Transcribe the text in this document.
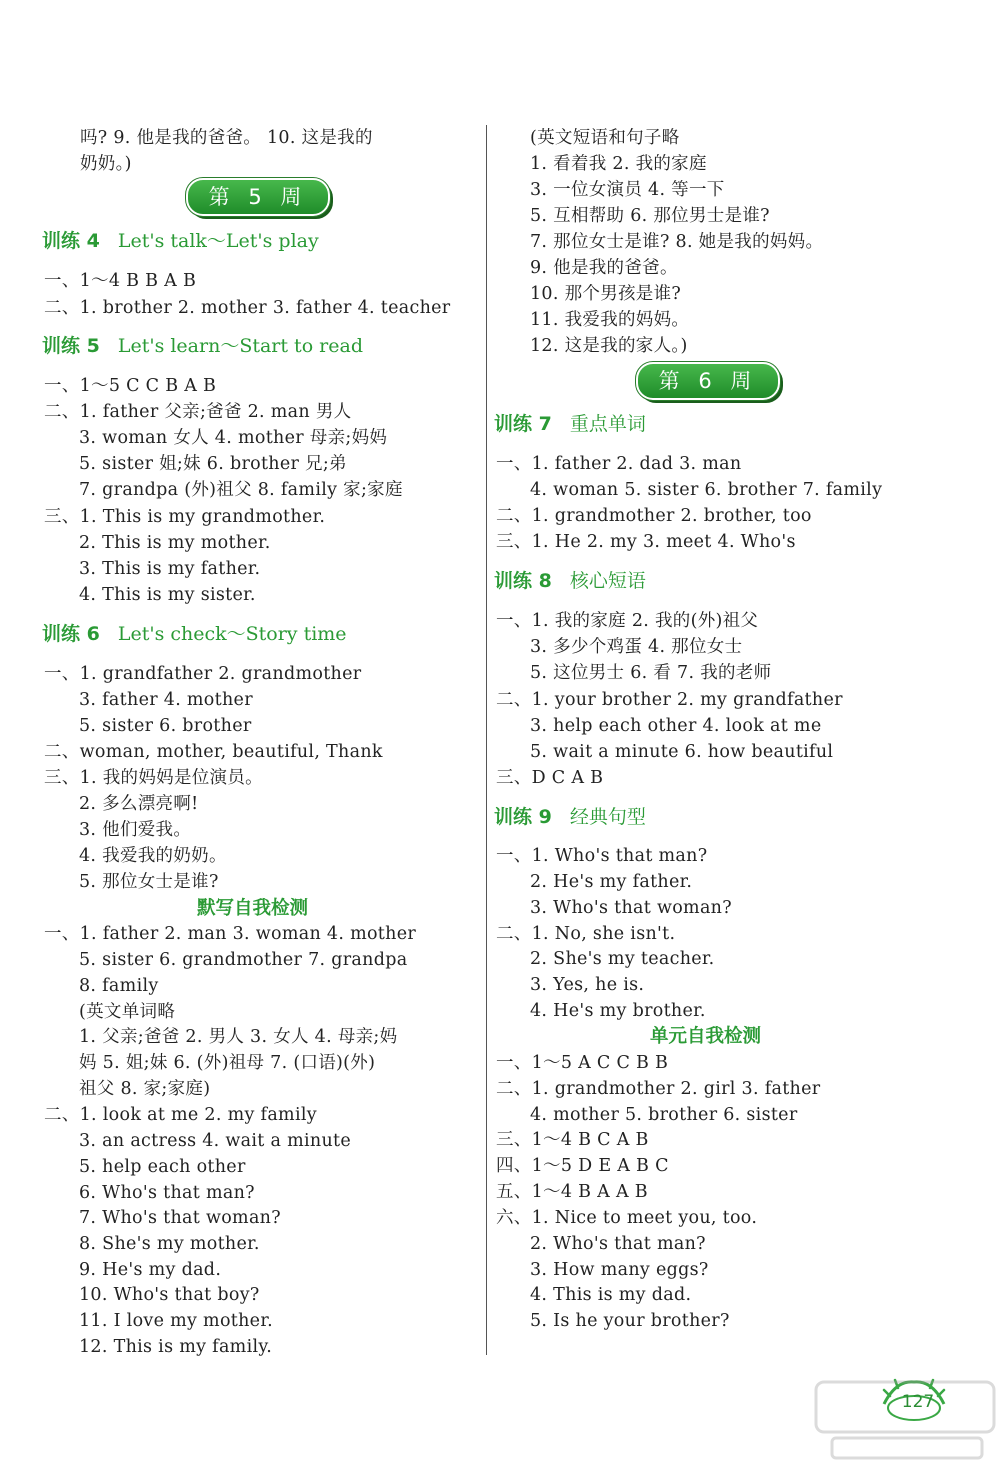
吗? 9. 他是我的爸爸。 10. 这是我的
奶奶。)
一、1～4 B B A B
二、1. brother 2. mother 3. father 4. teacher
一、1～5 C C B A B
二、1. father 父亲;爸爸 2. man 男人
3. woman 女人 4. mother 母亲;妈妈
5. sister 姐;妹 6. brother 兄;弟
7. grandpa (外)祖父 8. family 家;家庭
三、1. This is my grandmother.
2. This is my mother.
3. This is my father.
4. This is my sister.
一、1. grandfather 2. grandmother
3. father 4. mother
5. sister 6. brother
二、woman, mother, beautiful, Thank
三、1. 我的妈妈是位演员。
2. 多么漂亮啊!
3. 他们爱我。
4. 我爱我的奶奶。
5. 那位女士是谁?
一、1. father 2. man 3. woman 4. mother
5. sister 6. grandmother 7. grandpa
8. family
(英文单词略
1. 父亲;爸爸 2. 男人 3. 女人 4. 母亲;妈
妈 5. 姐;妹 6. (外)祖母 7. (口语)(外)
祖父 8. 家;家庭)
二、1. look at me 2. my family
3. an actress 4. wait a minute
5. help each other
6. Who's that man?
7. Who's that woman?
8. She's my mother.
9. He's my dad.
10. Who's that boy?
11. I love my mother.
12. This is my family.
第 5 周
训练 4 Let's talk～Let's play
训练 5 Let's learn～Start to read
训练 6 Let's check～Story time
默写自我检测
(英文短语和句子略
1. 看着我 2. 我的家庭
3. 一位女演员 4. 等一下
5. 互相帮助 6. 那位男士是谁?
7. 那位女士是谁? 8. 她是我的妈妈。
9. 他是我的爸爸。
10. 那个男孩是谁?
11. 我爱我的妈妈。
12. 这是我的家人。)
一、1. father 2. dad 3. man
4. woman 5. sister 6. brother 7. family
二、1. grandmother 2. brother, too
三、1. He 2. my 3. meet 4. Who's
一、1. 我的家庭 2. 我的(外)祖父
3. 多少个鸡蛋 4. 那位女士
5. 这位男士 6. 看 7. 我的老师
二、1. your brother 2. my grandfather
3. help each other 4. look at me
5. wait a minute 6. how beautiful
三、D C A B
一、1. Who's that man?
2. He's my father.
3. Who's that woman?
二、1. No, she isn't.
2. She's my teacher.
3. Yes, he is.
4. He's my brother.
一、1～5 A C C B B
二、1. grandmother 2. girl 3. father
4. mother 5. brother 6. sister
三、1～4 B C A B
四、1～5 D E A B C
五、1～4 B A A B
六、1. Nice to meet you, too.
2. Who's that man?
3. How many eggs?
4. This is my dad.
5. Is he your brother?
第 6 周
训练 7 重点单词
训练 8 核心短语
训练 9 经典句型
单元自我检测
127
